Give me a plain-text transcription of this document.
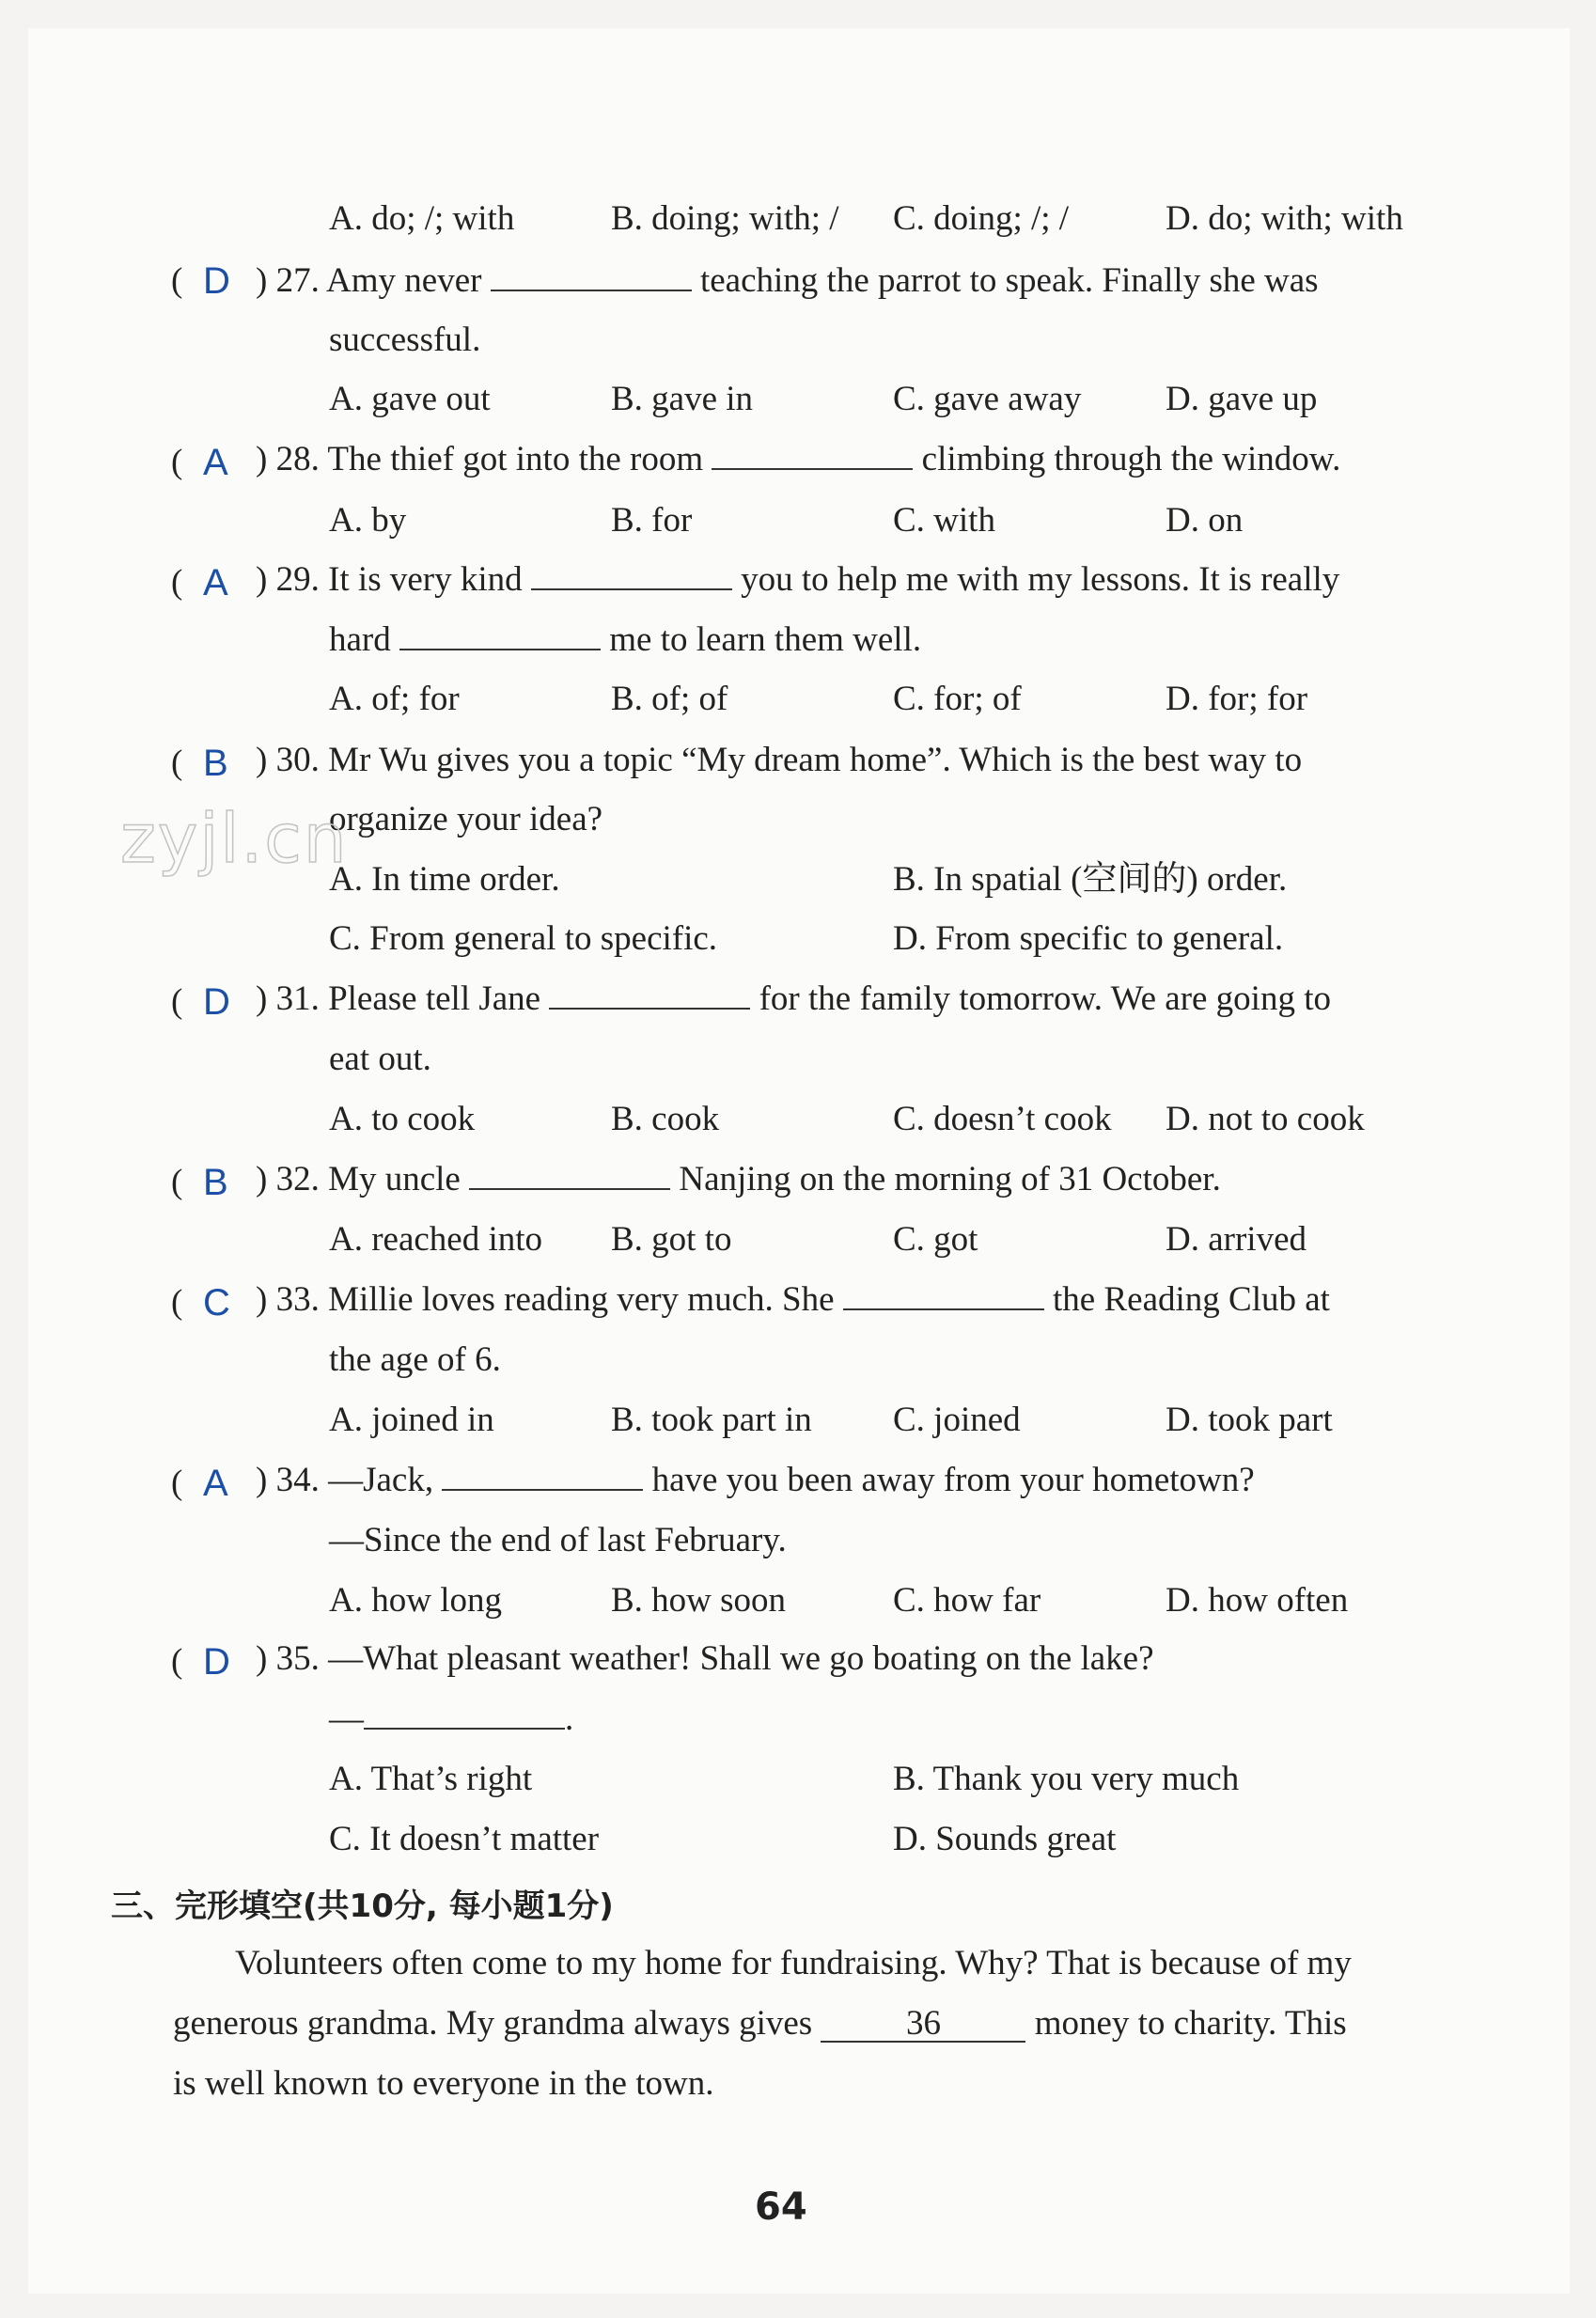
A. do; /; with	B. doing; with; / C. doing; /; /	D. do; with; with
( D ) 27. Amy never	teaching the parrot to speak. Finally she was
successful.
A. gave out	B. gave in	C. gave away D. gave up
( A ) 28. The thief got into the room	climbing through the window.
A. by	B. for	C. with	D. on
( A ) 29. It is very kind	you to help me with my lessons. It is really
hard	me to learn them well.
A. of; for	B. of; of	C. for; of	D. for; for
( B ) 30. Mr Wu gives you a topic “My dream home”. Which is the best way to
organize your idea?
zyjl.cn
A. In time order.	B. In spatial (空间的) order.
C. From general to specific.	D. From specific to general.
( D ) 31. Please tell Jane	for the family tomorrow. We are going to
eat out.
A. to cook	B. cook	C. doesn’t cook D. not to cook
( B ) 32. My uncle	Nanjing on the morning of 31 October.
A. reached into B. got to	C. got	D. arrived
( C ) 33. Millie loves reading very much. She	the Reading Club at
the age of 6.
A. joined in	B. took part in C. joined	D. took part
( A ) 34. —Jack,	have you been away from your hometown?
—Since the end of last February.
A. how long	B. how soon	C. how far	D. how often
( D ) 35. —What pleasant weather! Shall we go boating on the lake?
—	.
A. That’s right	B. Thank you very much
C. It doesn’t matter	D. Sounds great
三、完形填空(共10分, 每小题1分)
Volunteers often come to my home for fundraising. Why? That is because of my
generous grandma. My grandma always gives	36	money to charity. This
is well known to everyone in the town.
64
